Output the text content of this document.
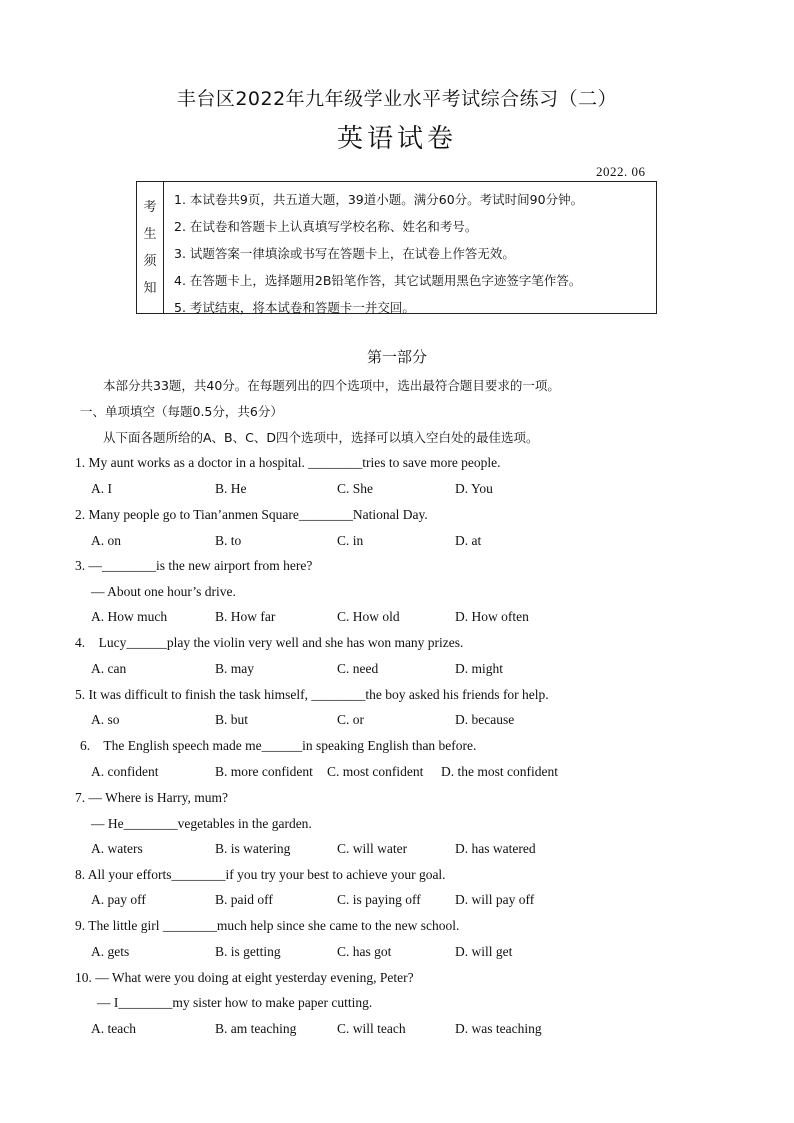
丰台区2022年九年级学业水平考试综合练习（二）
英语试卷
2022. 06
考
生
须
知
1. 本试卷共9页，共五道大题，39道小题。满分60分。考试时间90分钟。
2. 在试卷和答题卡上认真填写学校名称、姓名和考号。
3. 试题答案一律填涂或书写在答题卡上，在试卷上作答无效。
4. 在答题卡上，选择题用2B铅笔作答，其它试题用黑色字迹签字笔作答。
5. 考试结束，将本试卷和答题卡一并交回。
第一部分
本部分共33题，共40分。在每题列出的四个选项中，选出最符合题目要求的一项。
一、单项填空（每题0.5分，共6分）
从下面各题所给的A、B、C、D四个选项中，选择可以填入空白处的最佳选项。
1. My aunt works as a doctor in a hospital. ________tries to save more people.
A. I	B. He	C. She	D. You
2. Many people go to Tian’anmen Square________National Day.
A. on	B. to	C. in	D. at
3. —________is the new airport from here?
— About one hour’s drive.
A. How much	B. How far	C. How old	D. How often
4.    Lucy______play the violin very well and she has won many prizes.
A. can	B. may	C. need	D. might
5. It was difficult to finish the task himself, ________the boy asked his friends for help.
A. so	B. but	C. or	D. because
6.    The English speech made me______in speaking English than before.
A. confident	B. more confident C. most confident D. the most confident
7. — Where is Harry, mum?
— He________vegetables in the garden.
A. waters	B. is watering	C. will water	D. has watered
8. All your efforts________if you try your best to achieve your goal.
A. pay off	B. paid off	C. is paying off	D. will pay off
9. The little girl ________much help since she came to the new school.
A. gets	B. is getting	C. has got	D. will get
10. — What were you doing at eight yesterday evening, Peter?
— I________my sister how to make paper cutting.
A. teach	B. am teaching	C. will teach	D. was teaching
